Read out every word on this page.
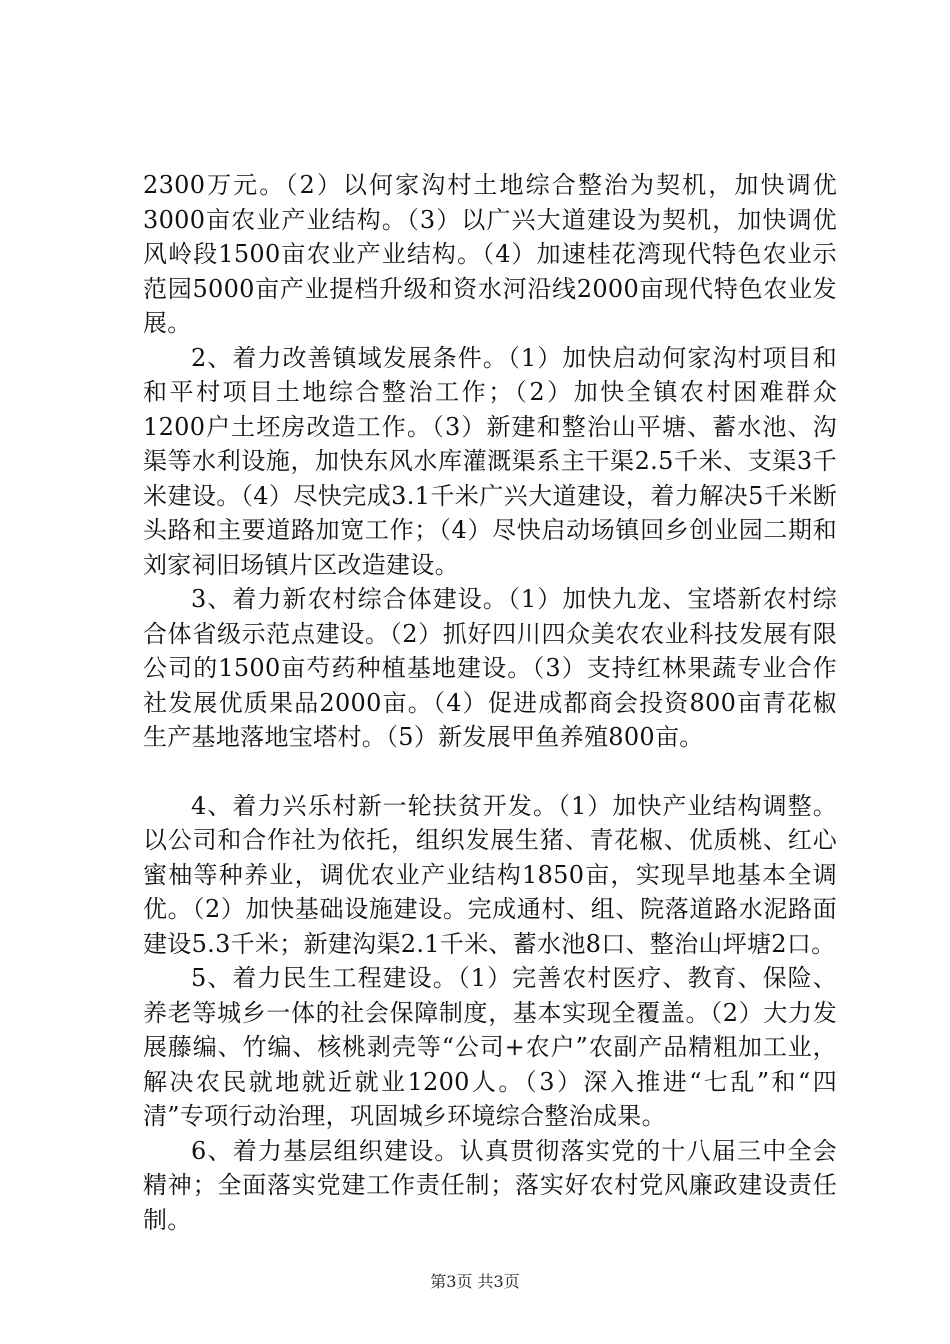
2300万元。（2）以何家沟村土地综合整治为契机，加快调优3000亩农业产业结构。（3）以广兴大道建设为契机，加快调优风岭段1500亩农业产业结构。（4）加速桂花湾现代特色农业示范园5000亩产业提档升级和资水河沿线2000亩现代特色农业发展。

2、着力改善镇域发展条件。（1）加快启动何家沟村项目和和平村项目土地综合整治工作；（2）加快全镇农村困难群众1200户土坯房改造工作。（3）新建和整治山平塘、蓄水池、沟渠等水利设施，加快东风水库灌溉渠系主干渠2.5千米、支渠3千米建设。（4）尽快完成3.1千米广兴大道建设，着力解决5千米断头路和主要道路加宽工作；（4）尽快启动场镇回乡创业园二期和刘家祠旧场镇片区改造建设。

3、着力新农村综合体建设。（1）加快九龙、宝塔新农村综合体省级示范点建设。（2）抓好四川四众美农农业科技发展有限公司的1500亩芍药种植基地建设。（3）支持红林果蔬专业合作社发展优质果品2000亩。（4）促进成都商会投资800亩青花椒生产基地落地宝塔村。（5）新发展甲鱼养殖800亩。

4、着力兴乐村新一轮扶贫开发。（1）加快产业结构调整。以公司和合作社为依托，组织发展生猪、青花椒、优质桃、红心蜜柚等种养业，调优农业产业结构1850亩，实现旱地基本全调优。（2）加快基础设施建设。完成通村、组、院落道路水泥路面建设5.3千米；新建沟渠2.1千米、蓄水池8口、整治山坪塘2口。

5、着力民生工程建设。（1）完善农村医疗、教育、保险、养老等城乡一体的社会保障制度，基本实现全覆盖。（2）大力发展藤编、竹编、核桃剥壳等“公司+农户”农副产品精粗加工业，解决农民就地就近就业1200人。（3）深入推进“七乱”和“四清”专项行动治理，巩固城乡环境综合整治成果。

6、着力基层组织建设。认真贯彻落实党的十八届三中全会精神；全面落实党建工作责任制；落实好农村党风廉政建设责任制。

第3页 共3页
